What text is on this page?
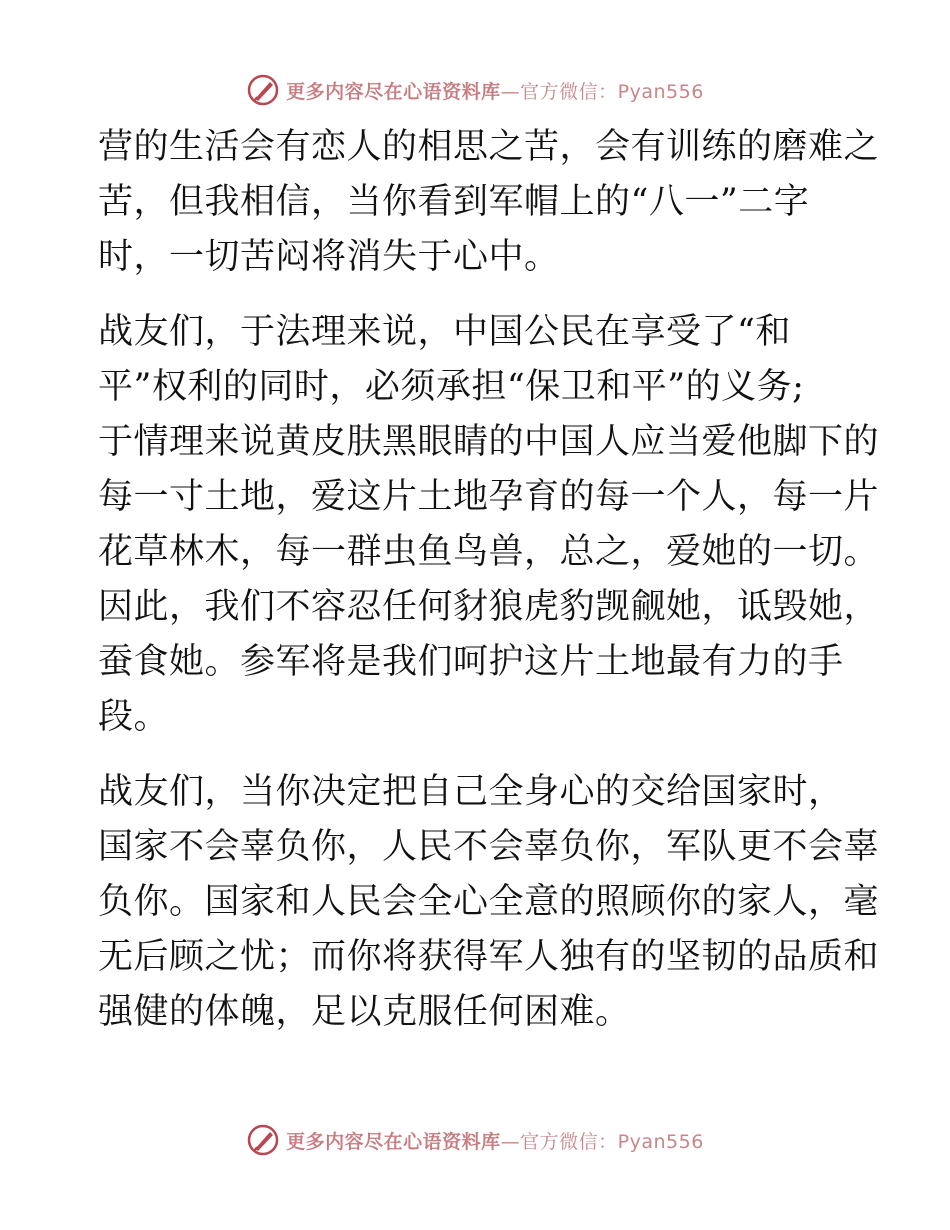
更多内容尽在心语资料库—官方微信：Pyan556
营的生活会有恋人的相思之苦，会有训练的磨难之
苦，但我相信，当你看到军帽上的“八一”二字
时，一切苦闷将消失于心中。
战友们，于法理来说，中国公民在享受了“和
平”权利的同时，必须承担“保卫和平”的义务;
于情理来说黄皮肤黑眼睛的中国人应当爱他脚下的
每一寸土地，爱这片土地孕育的每一个人，每一片
花草林木，每一群虫鱼鸟兽，总之，爱她的一切。
因此，我们不容忍任何豺狼虎豹觊觎她，诋毁她，
蚕食她。参军将是我们呵护这片土地最有力的手
段。
战友们，当你决定把自己全身心的交给国家时，
国家不会辜负你，人民不会辜负你，军队更不会辜
负你。国家和人民会全心全意的照顾你的家人，毫
无后顾之忧；而你将获得军人独有的坚韧的品质和
强健的体魄，足以克服任何困难。
更多内容尽在心语资料库—官方微信：Pyan556
